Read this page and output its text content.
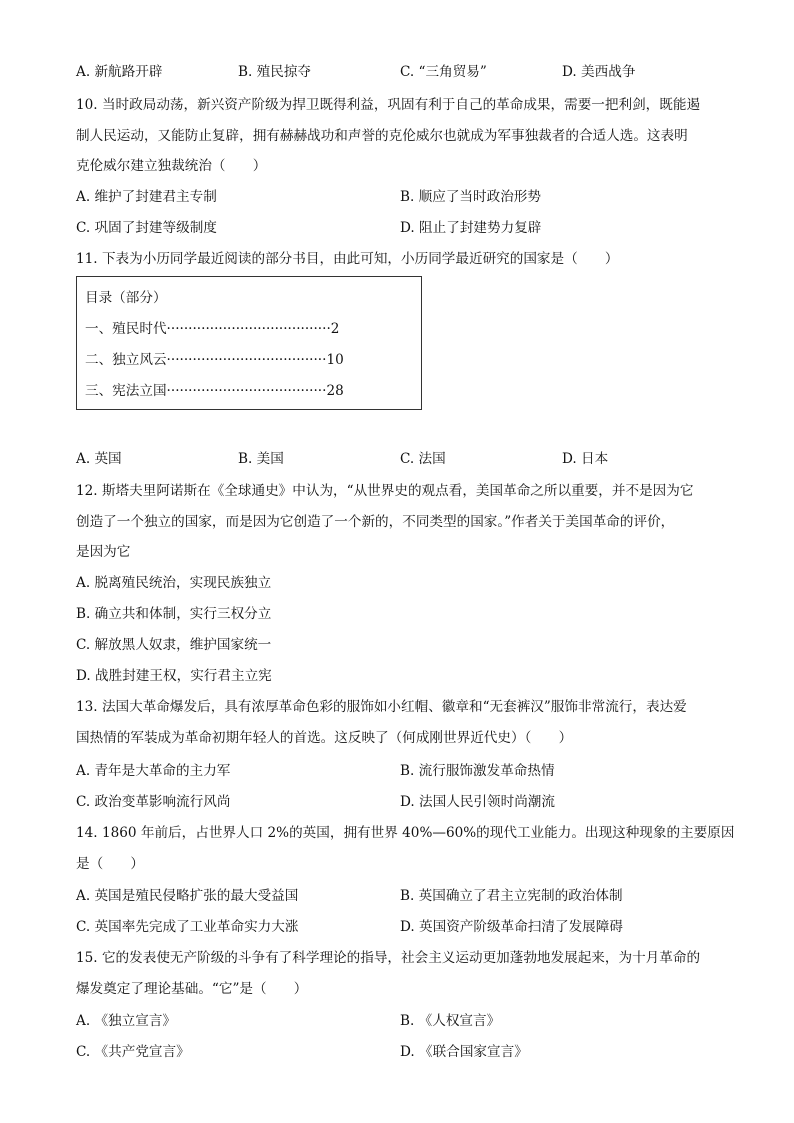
A. 新航路开辟	B. 殖民掠夺	C. “三角贸易”	D. 美西战争
10. 当时政局动荡，新兴资产阶级为捍卫既得利益，巩固有利于自己的革命成果，需要一把利剑，既能遏
制人民运动，又能防止复辟，拥有赫赫战功和声誉的克伦威尔也就成为军事独裁者的合适人选。这表明
克伦威尔建立独裁统治（　　）
A. 维护了封建君主专制	B. 顺应了当时政治形势
C. 巩固了封建等级制度	D. 阻止了封建势力复辟
11. 下表为小历同学最近阅读的部分书目，由此可知，小历同学最近研究的国家是（　　）
目录（部分）
一、殖民时代······································2
二、独立风云·····································10
三、宪法立国·····································28
A. 英国	B. 美国	C. 法国	D. 日本
12. 斯塔夫里阿诺斯在《全球通史》中认为，“从世界史的观点看，美国革命之所以重要，并不是因为它
创造了一个独立的国家，而是因为它创造了一个新的，不同类型的国家。”作者关于美国革命的评价，
是因为它
A. 脱离殖民统治，实现民族独立
B. 确立共和体制，实行三权分立
C. 解放黑人奴隶，维护国家统一
D. 战胜封建王权，实行君主立宪
13. 法国大革命爆发后，具有浓厚革命色彩的服饰如小红帽、徽章和“无套裤汉”服饰非常流行，表达爱
国热情的军装成为革命初期年轻人的首选。这反映了（何成刚世界近代史）（　　）
A. 青年是大革命的主力军	B. 流行服饰激发革命热情
C. 政治变革影响流行风尚	D. 法国人民引领时尚潮流
14. 1860 年前后，占世界人口 2%的英国，拥有世界 40%—60%的现代工业能力。出现这种现象的主要原因
是（　　）
A. 英国是殖民侵略扩张的最大受益国	B. 英国确立了君主立宪制的政治体制
C. 英国率先完成了工业革命实力大涨	D. 英国资产阶级革命扫清了发展障碍
15. 它的发表使无产阶级的斗争有了科学理论的指导，社会主义运动更加蓬勃地发展起来，为十月革命的
爆发奠定了理论基础。“它”是（　　）
A. 《独立宣言》	B. 《人权宣言》
C. 《共产党宣言》	D. 《联合国家宣言》
